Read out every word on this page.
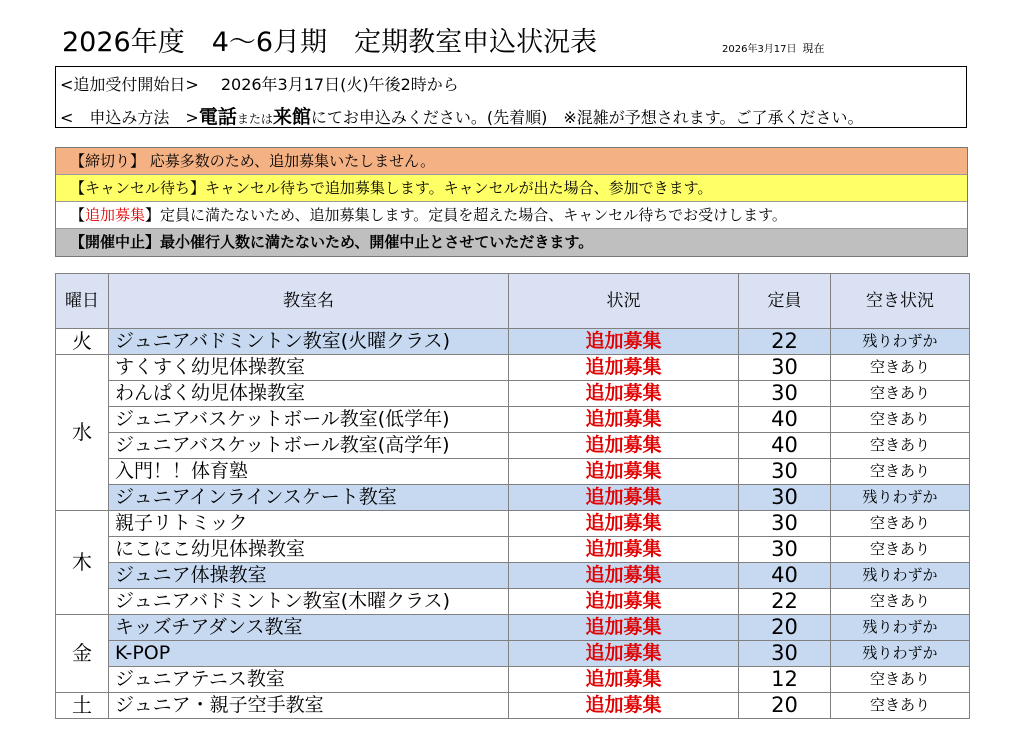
2026年度　4～6月期　定期教室申込状況表	2026年3月17日 現在
<追加受付開始日> 2026年3月17日(火)午後2時から
<　申込み方法　>電話または来館にてお申込みください。(先着順)　※混雑が予想されます。ご了承ください。
【締切り】 応募多数のため、追加募集いたしません。
【キャンセル待ち】キャンセル待ちで追加募集します。キャンセルが出た場合、参加できます。
【追加募集】定員に満たないため、追加募集します。定員を超えた場合、キャンセル待ちでお受けします。
【開催中止】最小催行人数に満たないため、開催中止とさせていただきます。
曜日	教室名	状況	定員	空き状況
火	ジュニアバドミントン教室(火曜クラス)	追加募集	22	残りわずか
水	すくすく幼児体操教室	追加募集	30	空きあり
	わんぱく幼児体操教室	追加募集	30	空きあり
	ジュニアバスケットボール教室(低学年)	追加募集	40	空きあり
	ジュニアバスケットボール教室(高学年)	追加募集	40	空きあり
	入門！！体育塾	追加募集	30	空きあり
	ジュニアインラインスケート教室	追加募集	30	残りわずか
木	親子リトミック	追加募集	30	空きあり
	にこにこ幼児体操教室	追加募集	30	空きあり
	ジュニア体操教室	追加募集	40	残りわずか
	ジュニアバドミントン教室(木曜クラス)	追加募集	22	空きあり
金	キッズチアダンス教室	追加募集	20	残りわずか
	K-POP	追加募集	30	残りわずか
	ジュニアテニス教室	追加募集	12	空きあり
土	ジュニア・親子空手教室	追加募集	20	空きあり
